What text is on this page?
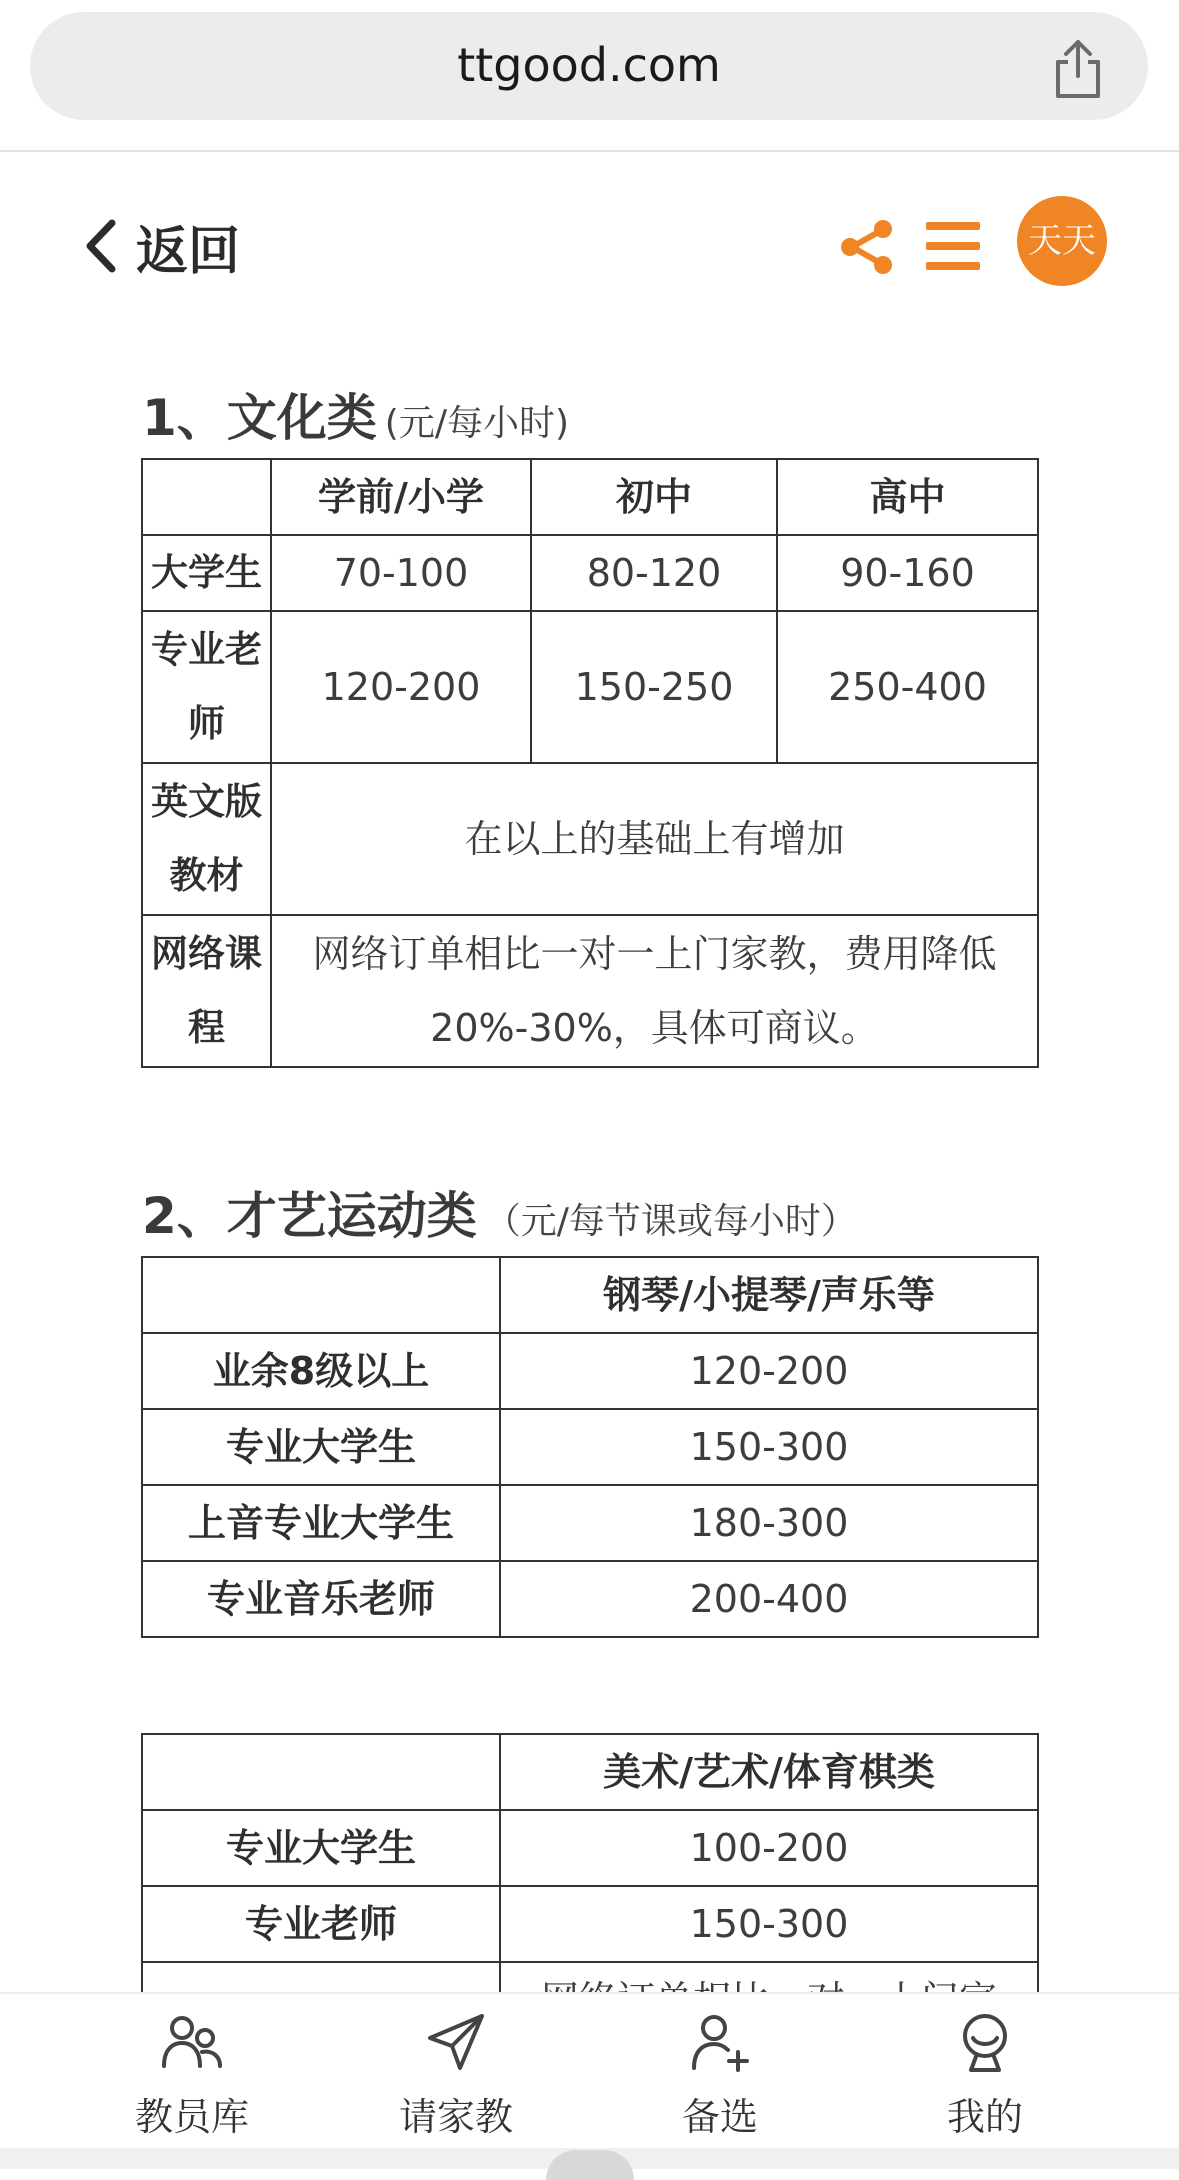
ttgood.com
返回	天天
1、文化类 (元/每小时)
	学前/小学	初中	高中
大学生	70-100	80-120	90-160
专业老师	120-200	150-250	250-400
英文版教材	在以上的基础上有增加		
网络课程	网络订单相比一对一上门家教，费用降低20%-30%，具体可商议。		
2、才艺运动类 （元/每节课或每小时）
	钢琴/小提琴/声乐等
业余8级以上	120-200
专业大学生	150-300
上音专业大学生	180-300
专业音乐老师	200-400
	美术/艺术/体育棋类
专业大学生	100-200
专业老师	150-300

教员库	请家教	备选	我的
